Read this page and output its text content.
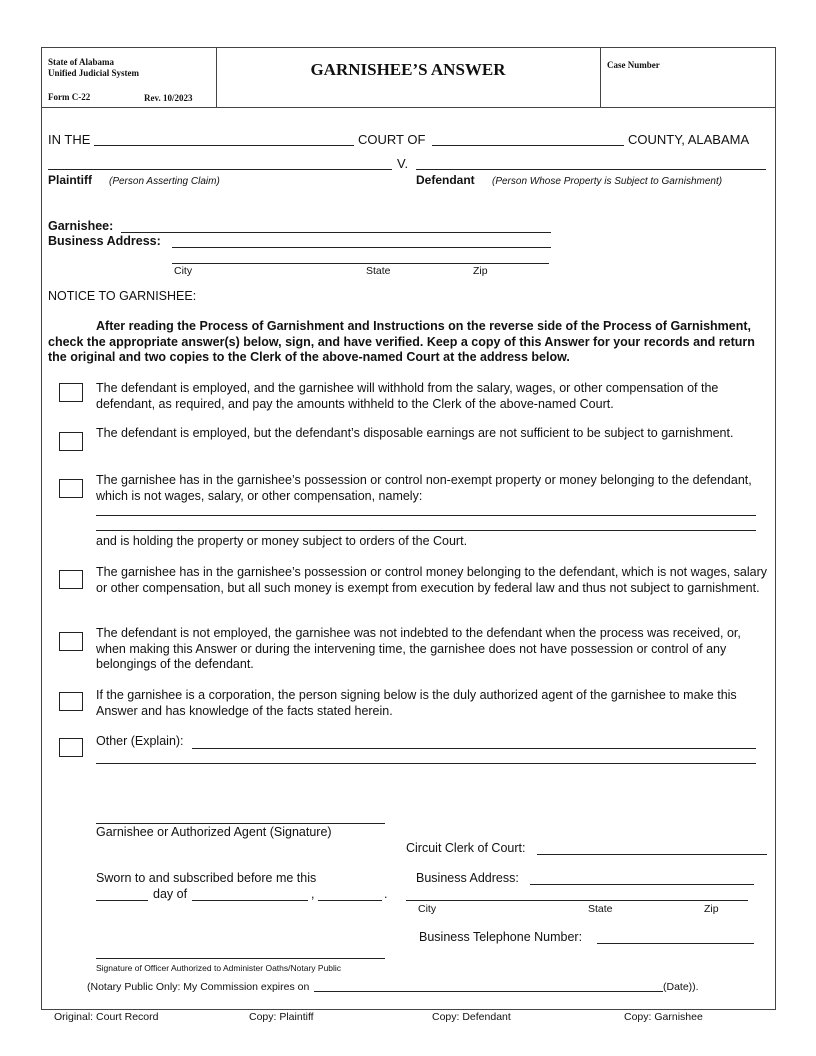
State of Alabama
Unified Judicial System
Form C-22	Rev. 10/2023
GARNISHEE’S ANSWER	Case Number
IN THE	COURT OF	COUNTY, ALABAMA
V.
Plaintiff (Person Asserting Claim)	Defendant (Person Whose Property is Subject to Garnishment)
Garnishee:
Business Address:
City	State	Zip
NOTICE TO GARNISHEE:
After reading the Process of Garnishment and Instructions on the reverse side of the Process of Garnishment, check the appropriate answer(s) below, sign, and have verified. Keep a copy of this Answer for your records and return the original and two copies to the Clerk of the above-named Court at the address below.
The defendant is employed, and the garnishee will withhold from the salary, wages, or other compensation of the defendant, as required, and pay the amounts withheld to the Clerk of the above-named Court.
The defendant is employed, but the defendant’s disposable earnings are not sufficient to be subject to garnishment.
The garnishee has in the garnishee’s possession or control non-exempt property or money belonging to the defendant, which is not wages, salary, or other compensation, namely:
and is holding the property or money subject to orders of the Court.
The garnishee has in the garnishee’s possession or control money belonging to the defendant, which is not wages, salary or other compensation, but all such money is exempt from execution by federal law and thus not subject to garnishment.
The defendant is not employed, the garnishee was not indebted to the defendant when the process was received, or, when making this Answer or during the intervening time, the garnishee does not have possession or control of any belongings of the defendant.
If the garnishee is a corporation, the person signing below is the duly authorized agent of the garnishee to make this Answer and has knowledge of the facts stated herein.
Other (Explain):
Garnishee or Authorized Agent (Signature)
Circuit Clerk of Court:
Sworn to and subscribed before me this
day of	,	.
Business Address:
City	State	Zip
Business Telephone Number:
Signature of Officer Authorized to Administer Oaths/Notary Public
(Notary Public Only: My Commission expires on	(Date)).
Original: Court Record	Copy: Plaintiff	Copy: Defendant	Copy: Garnishee
